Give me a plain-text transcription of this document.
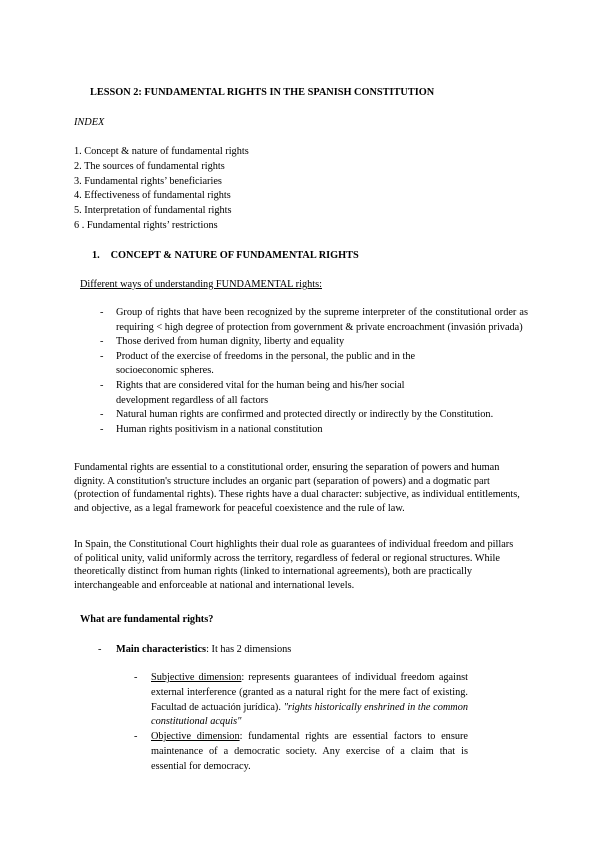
LESSON 2: FUNDAMENTAL RIGHTS IN THE SPANISH CONSTITUTION
INDEX
1. Concept & nature of fundamental rights
2. The sources of fundamental rights
3. Fundamental rights’ beneficiaries
4. Effectiveness of fundamental rights
5. Interpretation of fundamental rights
6 . Fundamental rights’ restrictions
1. CONCEPT & NATURE OF FUNDAMENTAL RIGHTS
Different ways of understanding FUNDAMENTAL rights:
- Group of rights that have been recognized by the supreme interpreter of the constitutional order as requiring < high degree of protection from government & private encroachment (invasión privada)
- Those derived from human dignity, liberty and equality
- Product of the exercise of freedoms in the personal, the public and in the socioeconomic spheres.
- Rights that are considered vital for the human being and his/her social development regardless of all factors
- Natural human rights are confirmed and protected directly or indirectly by the Constitution.
- Human rights positivism in a national constitution
Fundamental rights are essential to a constitutional order, ensuring the separation of powers and human dignity. A constitution's structure includes an organic part (separation of powers) and a dogmatic part (protection of fundamental rights). These rights have a dual character: subjective, as individual entitlements, and objective, as a legal framework for peaceful coexistence and the rule of law.
In Spain, the Constitutional Court highlights their dual role as guarantees of individual freedom and pillars of political unity, valid uniformly across the territory, regardless of federal or regional structures. While theoretically distinct from human rights (linked to international agreements), both are practically interchangeable and enforceable at national and international levels.
What are fundamental rights?
- Main characteristics: It has 2 dimensions
- Subjective dimension: represents guarantees of individual freedom against external interference (granted as a natural right for the mere fact of existing. Facultad de actuación jurídica). "rights historically enshrined in the common constitutional acquis"
- Objective dimension: fundamental rights are essential factors to ensure maintenance of a democratic society. Any exercise of a claim that is essential for democracy.
